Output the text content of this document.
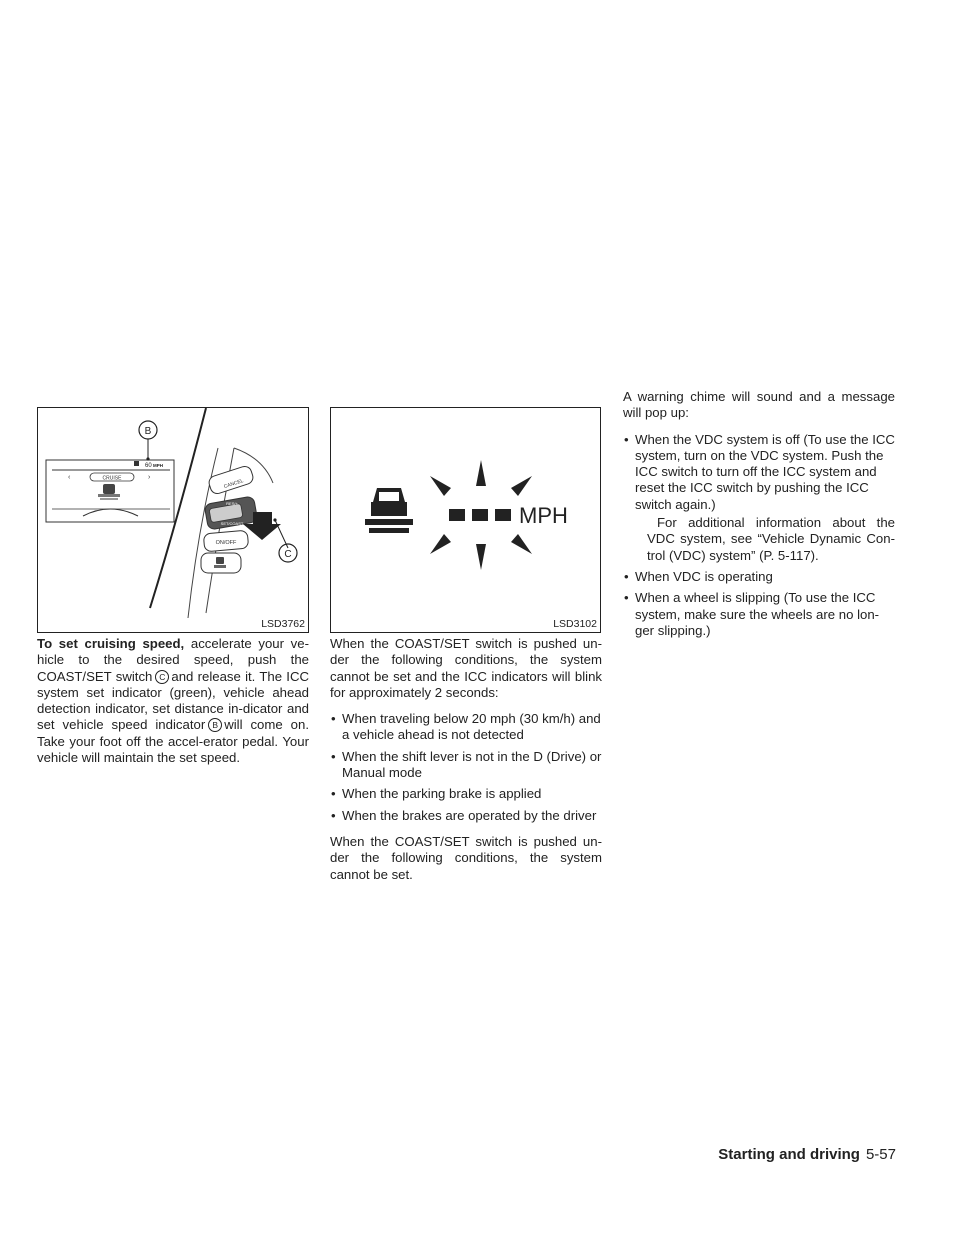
CRUISE
‹	›
60 MPH
B
CANCEL
RES/+
SET/COAST
ON/OFF
C
LSD3762
MPH
LSD3102

To set cruising speed, accelerate your ve-hicle to the desired speed, push the COAST/SET switch C and release it. The ICC system set indicator (green), vehicle ahead detection indicator, set distance in-dicator and set vehicle speed indicator B will come on. Take your foot off the accel-erator pedal. Your vehicle will maintain the set speed.

When the COAST/SET switch is pushed un-der the following conditions, the system cannot be set and the ICC indicators will blink for approximately 2 seconds:

• When traveling below 20 mph (30 km/h) and a vehicle ahead is not detected
• When the shift lever is not in the D (Drive) or Manual mode
• When the parking brake is applied
• When the brakes are operated by the driver

When the COAST/SET switch is pushed un-der the following conditions, the system cannot be set.

A warning chime will sound and a message will pop up:

• When the VDC system is off (To use the ICC system, turn on the VDC system. Push the ICC switch to turn off the ICC system and reset the ICC switch by pushing the ICC switch again.)
For additional information about the VDC system, see “Vehicle Dynamic Con-trol (VDC) system” (P. 5-117).
• When VDC is operating
• When a wheel is slipping (To use the ICC system, make sure the wheels are no lon-ger slipping.)
Starting and driving 5-57
